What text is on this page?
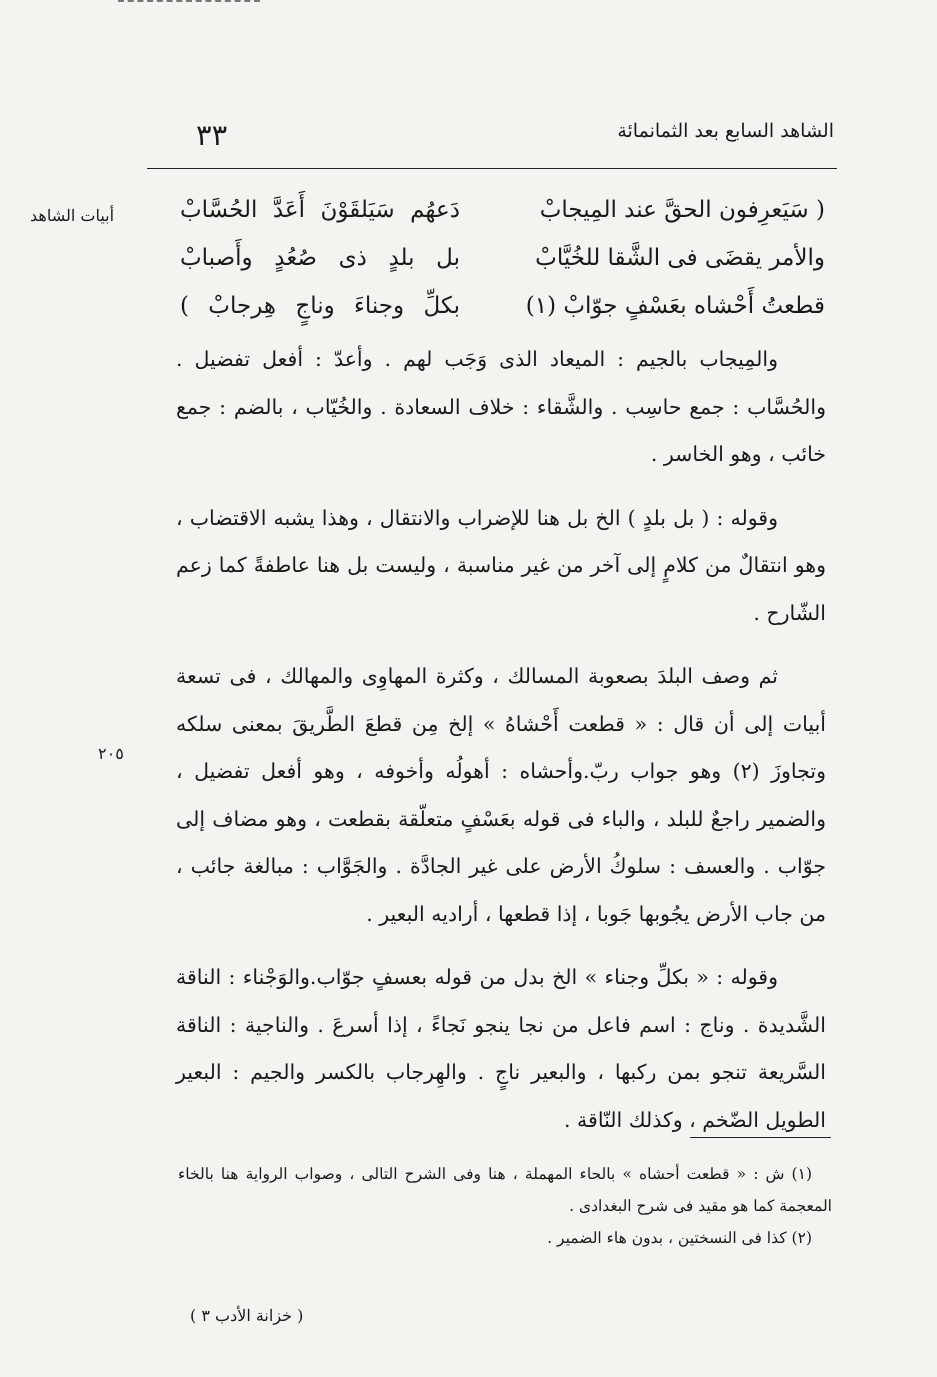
٣٣	الشاهد السابع بعد الثمانمائة
أبيات الشاهد
٢٠٥
( سَيَعرِفون الحقَّ عند المِيجابْ
دَعهُم سَيَلقَوْنَ أَعَدَّ الحُسَّابْ
والأمر يقضَى فى الشَّقا للخُيَّابْ
بل بلدٍ ذى صُعُدٍ وأَصبابْ
قطعتُ أَحْشاه بعَسْفٍ جوّابْ (١)
بكلِّ وجناءَ وناجٍ هِرجابْ )

والمِيجاب بالجيم : الميعاد الذى وَجَب لهم . وأعدّ : أفعل تفضيل . والحُسَّاب : جمع حاسِب . والشَّقاء : خلاف السعادة . والخُيّاب ، بالضم : جمع خائب ، وهو الخاسر .

وقوله : ( بل بلدٍ ) الخ بل هنا للإضراب والانتقال ، وهذا يشبه الاقتضاب ، وهو انتقالٌ من كلامٍ إلى آخر من غير مناسبة ، وليست بل هنا عاطفةً كما زعم الشّارح .

ثم وصف البلدَ بصعوبة المسالك ، وكثرة المهاوِى والمهالك ، فى تسعة أبيات إلى أن قال : « قطعت أَحْشاهُ » إلخ مِن قطعَ الطَّريقَ بمعنى سلكه وتجاوزَ (٢) وهو جواب ربّ.وأحشاه : أهولُه وأخوفه ، وهو أفعل تفضيل ، والضمير راجعٌ للبلد ، والباء فى قوله بعَسْفٍ متعلّقة بقطعت ، وهو مضاف إلى جوّاب . والعسف : سلوكُ الأرض على غير الجادَّة . والجَوَّاب : مبالغة جائب ، من جاب الأرض يجُوبها جَوبا ، إذا قطعها ، أراديه البعير .

وقوله : « بكلِّ وجناء » الخ بدل من قوله بعسفٍ جوّاب.والوَجْناء : الناقة الشَّديدة . وناج : اسم فاعل من نجا ينجو نَجاءً ، إذا أسرعَ . والناجية : الناقة السَّريعة تنجو بمن ركبها ، والبعير ناجٍ . والهِرجاب بالكسر والجيم : البعير الطويل الضّخم ، وكذلك النّاقة .

(١) ش : « قطعت أحشاه » بالحاء المهملة ، هنا وفى الشرح التالى ، وصواب الرواية هنا بالخاء المعجمة كما هو مقيد فى شرح البغدادى .

(٢) كذا فى النسختين ، بدون هاء الضمير .

( خزانة الأدب ٣ )
